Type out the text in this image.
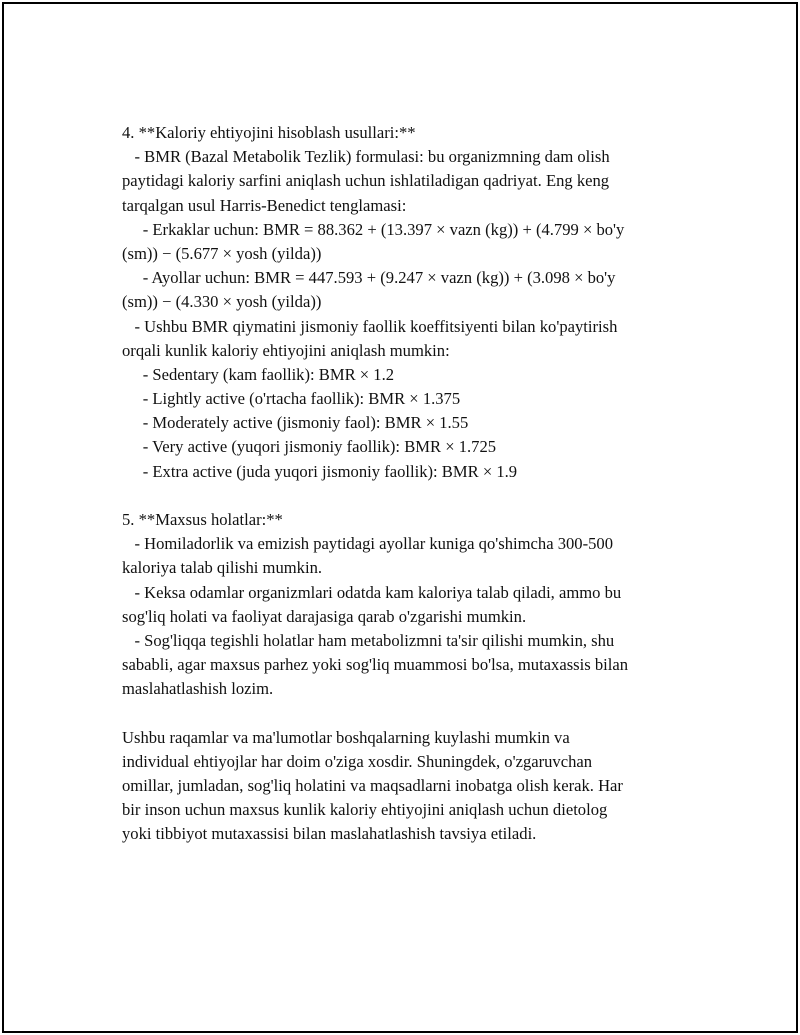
4. **Kaloriy ehtiyojini hisoblash usullari:**
- BMR (Bazal Metabolik Tezlik) formulasi: bu organizmning dam olish
paytidagi kaloriy sarfini aniqlash uchun ishlatiladigan qadriyat. Eng keng
tarqalgan usul Harris-Benedict tenglamasi:
- Erkaklar uchun: BMR = 88.362 + (13.397 × vazn (kg)) + (4.799 × bo'y
(sm)) − (5.677 × yosh (yilda))
- Ayollar uchun: BMR = 447.593 + (9.247 × vazn (kg)) + (3.098 × bo'y
(sm)) − (4.330 × yosh (yilda))
- Ushbu BMR qiymatini jismoniy faollik koeffitsiyenti bilan ko'paytirish
orqali kunlik kaloriy ehtiyojini aniqlash mumkin:
- Sedentary (kam faollik): BMR × 1.2
- Lightly active (o'rtacha faollik): BMR × 1.375
- Moderately active (jismoniy faol): BMR × 1.55
- Very active (yuqori jismoniy faollik): BMR × 1.725
- Extra active (juda yuqori jismoniy faollik): BMR × 1.9
5. **Maxsus holatlar:**
- Homiladorlik va emizish paytidagi ayollar kuniga qo'shimcha 300-500
kaloriya talab qilishi mumkin.
- Keksa odamlar organizmlari odatda kam kaloriya talab qiladi, ammo bu
sog'liq holati va faoliyat darajasiga qarab o'zgarishi mumkin.
- Sog'liqqa tegishli holatlar ham metabolizmni ta'sir qilishi mumkin, shu
sababli, agar maxsus parhez yoki sog'liq muammosi bo'lsa, mutaxassis bilan
maslahatlashish lozim.
Ushbu raqamlar va ma'lumotlar boshqalarning kuylashi mumkin va
individual ehtiyojlar har doim o'ziga xosdir. Shuningdek, o'zgaruvchan
omillar, jumladan, sog'liq holatini va maqsadlarni inobatga olish kerak. Har
bir inson uchun maxsus kunlik kaloriy ehtiyojini aniqlash uchun dietolog
yoki tibbiyot mutaxassisi bilan maslahatlashish tavsiya etiladi.
